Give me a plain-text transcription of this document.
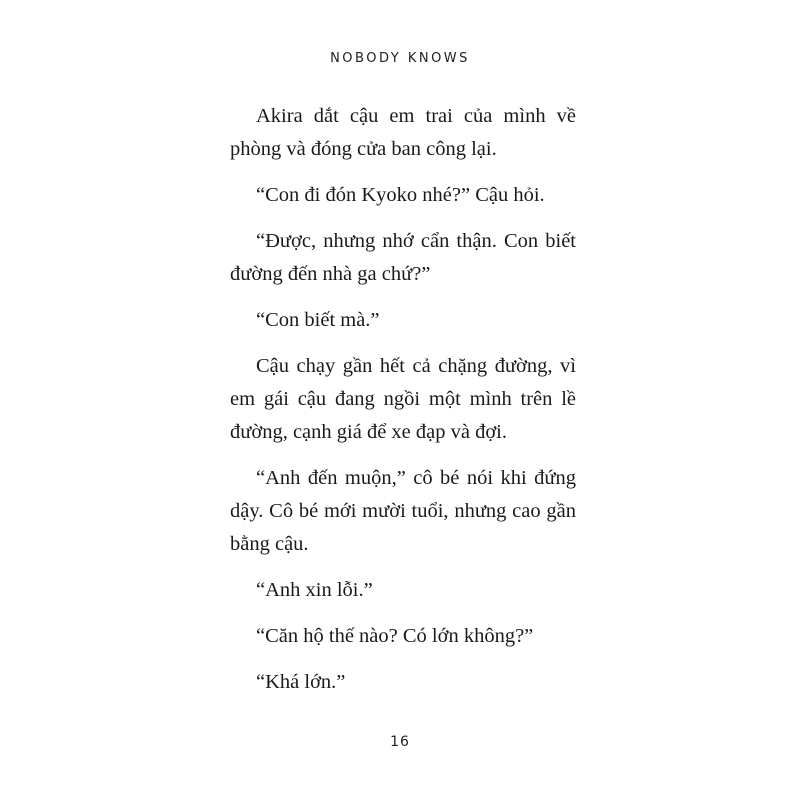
NOBODY KNOWS

Akira dắt cậu em trai của mình về phòng và đóng cửa ban công lại.

“Con đi đón Kyoko nhé?” Cậu hỏi.

“Được, nhưng nhớ cẩn thận. Con biết đường đến nhà ga chứ?”

“Con biết mà.”

Cậu chạy gần hết cả chặng đường, vì em gái cậu đang ngồi một mình trên lề đường, cạnh giá để xe đạp và đợi.

“Anh đến muộn,” cô bé nói khi đứng dậy. Cô bé mới mười tuổi, nhưng cao gần bằng cậu.

“Anh xin lỗi.”

“Căn hộ thế nào? Có lớn không?”

“Khá lớn.”

16
